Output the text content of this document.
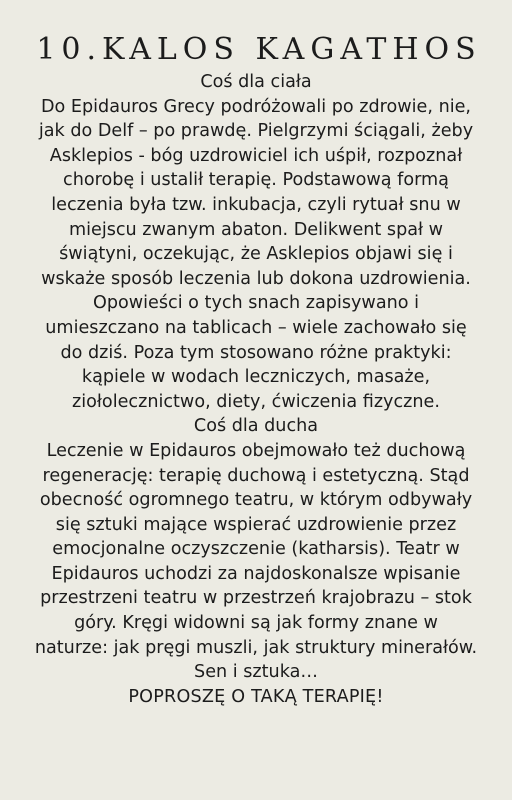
10.KALOS KAGATHOS
Coś dla ciała
Do Epidauros Grecy podróżowali po zdrowie, nie,
jak do Delf – po prawdę. Pielgrzymi ściągali, żeby
Asklepios - bóg uzdrowiciel ich uśpił, rozpoznał
chorobę i ustalił terapię. Podstawową formą
leczenia była tzw. inkubacja, czyli rytuał snu w
miejscu zwanym abaton. Delikwent spał w
świątyni, oczekując, że Asklepios objawi się i
wskaże sposób leczenia lub dokona uzdrowienia.
Opowieści o tych snach zapisywano i
umieszczano na tablicach – wiele zachowało się
do dziś. Poza tym stosowano różne praktyki:
kąpiele w wodach leczniczych, masaże,
ziołolecznictwo, diety, ćwiczenia fizyczne.
Coś dla ducha
Leczenie w Epidauros obejmowało też duchową
regenerację: terapię duchową i estetyczną. Stąd
obecność ogromnego teatru, w którym odbywały
się sztuki mające wspierać uzdrowienie przez
emocjonalne oczyszczenie (katharsis). Teatr w
Epidauros uchodzi za najdoskonalsze wpisanie
przestrzeni teatru w przestrzeń krajobrazu – stok
góry. Kręgi widowni są jak formy znane w
naturze: jak pręgi muszli, jak struktury minerałów.
Sen i sztuka…
POPROSZĘ O TAKĄ TERAPIĘ!
